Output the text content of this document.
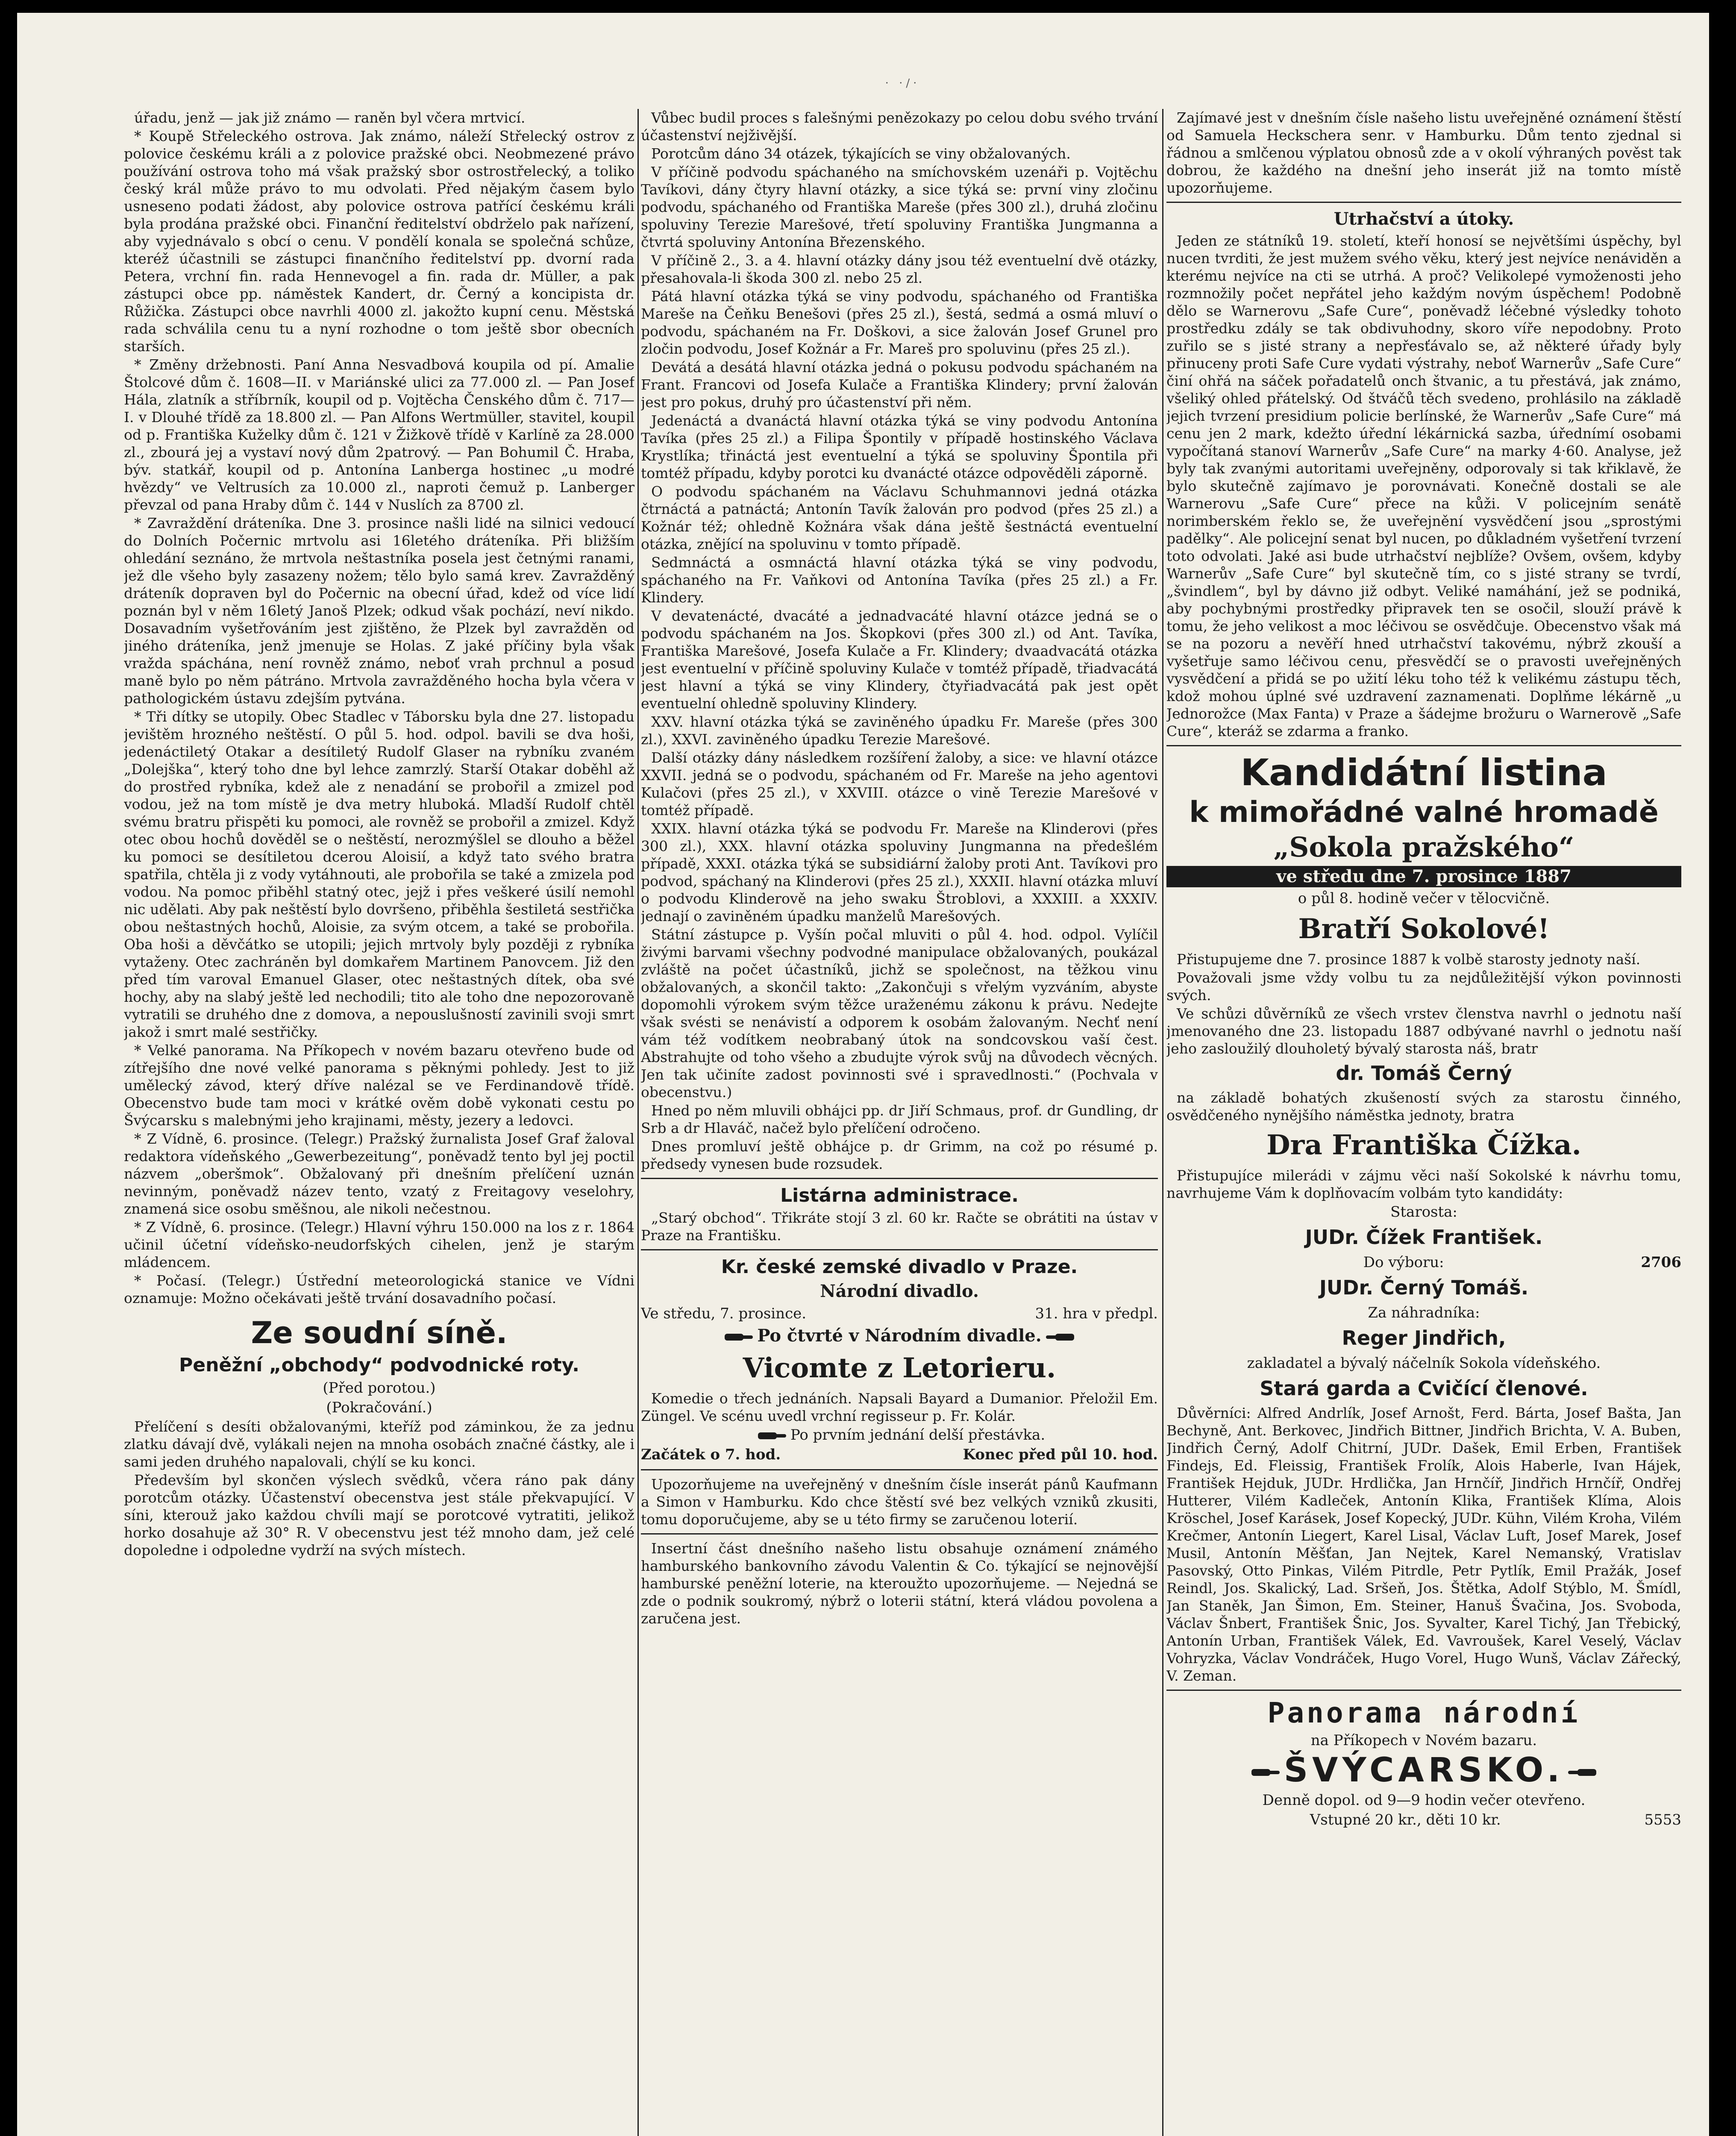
· ·/·

úřadu, jenž — jak již známo — raněn byl včera mrtvicí.

* Koupě Střeleckého ostrova. Jak známo, náleží Střelecký ostrov z polovice českému králi a z polovice pražské obci. Neobmezené právo používání ostrova toho má však pražský sbor ostrostřelecký, a toliko český král může právo to mu odvolati. Před nějakým časem bylo usneseno podati žádost, aby polovice ostrova patřící českému králi byla prodána pražské obci. Finanční ředitelství obdrželo pak nařízení, aby vyjednávalo s obcí o cenu. V pondělí konala se společná schůze, kteréž účastnili se zástupci finančního ředitelství pp. dvorní rada Petera, vrchní fin. rada Hennevogel a fin. rada dr. Müller, a pak zástupci obce pp. náměstek Kandert, dr. Černý a koncipista dr. Růžička. Zástupci obce navrhli 4000 zl. jakožto kupní cenu. Městská rada schválila cenu tu a nyní rozhodne o tom ještě sbor obecních starších.

* Změny držebnosti. Paní Anna Nesvadbová koupila od pí. Amalie Štolcové dům č. 1608—II. v Mariánské ulici za 77.000 zl. — Pan Josef Hála, zlatník a stříbrník, koupil od p. Vojtěcha Čenského dům č. 717—I. v Dlouhé třídě za 18.800 zl. — Pan Alfons Wertmüller, stavitel, koupil od p. Františka Kuželky dům č. 121 v Žižkově třídě v Karlíně za 28.000 zl., zbourá jej a vystaví nový dům 2patrový. — Pan Bohumil Č. Hraba, býv. statkář, koupil od p. Antonína Lanberga hostinec „u modré hvězdy“ ve Veltrusích za 10.000 zl., naproti čemuž p. Lanberger převzal od pana Hraby dům č. 144 v Nuslích za 8700 zl.

* Zavraždění dráteníka. Dne 3. prosince našli lidé na silnici vedoucí do Dolních Počernic mrtvolu asi 16letého dráteníka. Při bližším ohledání seznáno, že mrtvola neštastníka posela jest četnými ranami, jež dle všeho byly zasazeny nožem; tělo bylo samá krev. Zavražděný dráteník dopraven byl do Počernic na obecní úřad, kdež od více lidí poznán byl v něm 16letý Janoš Plzek; odkud však pochází, neví nikdo. Dosavadním vyšetřováním jest zjištěno, že Plzek byl zavražděn od jiného dráteníka, jenž jmenuje se Holas. Z jaké příčiny byla však vražda spáchána, není rovněž známo, neboť vrah prchnul a posud maně bylo po něm pátráno. Mrtvola zavražděného hocha byla včera v pathologickém ústavu zdejším pytvána.

* Tři dítky se utopily. Obec Stadlec v Táborsku byla dne 27. listopadu jevištěm hrozného neštěstí. O půl 5. hod. odpol. bavili se dva hoši, jedenáctiletý Otakar a desítiletý Rudolf Glaser na rybníku zvaném „Dolejška“, který toho dne byl lehce zamrzlý. Starší Otakar doběhl až do prostřed rybníka, kdež ale z nenadání se probořil a zmizel pod vodou, jež na tom místě je dva metry hluboká. Mladší Rudolf chtěl svému bratru přispěti ku pomoci, ale rovněž se probořil a zmizel. Když otec obou hochů dověděl se o neštěstí, nerozmýšlel se dlouho a běžel ku pomoci se desítiletou dcerou Aloisií, a když tato svého bratra spatřila, chtěla ji z vody vytáhnouti, ale probořila se také a zmizela pod vodou. Na pomoc přiběhl statný otec, jejž i přes veškeré úsilí nemohl nic udělati. Aby pak neštěstí bylo dovršeno, přiběhla šestiletá sestřička obou neštastných hochů, Aloisie, za svým otcem, a také se probořila. Oba hoši a děvčátko se utopili; jejich mrtvoly byly později z rybníka vytaženy. Otec zachráněn byl domkařem Martinem Panovcem. Již den před tím varoval Emanuel Glaser, otec neštastných dítek, oba své hochy, aby na slabý ještě led nechodili; tito ale toho dne nepozorovaně vytratili se druhého dne z domova, a nepouslušností zavinili svoji smrt jakož i smrt malé sestřičky.

* Velké panorama. Na Příkopech v novém bazaru otevřeno bude od zítřejšího dne nové velké panorama s pěknými pohledy. Jest to již umělecký závod, který dříve nalézal se ve Ferdinandově třídě. Obecenstvo bude tam moci v krátké ověm době vykonati cestu po Švýcarsku s malebnými jeho krajinami, městy, jezery a ledovci.

* Z Vídně, 6. prosince. (Telegr.) Pražský žurnalista Josef Graf žaloval redaktora vídeňského „Gewerbezeitung“, poněvadž tento byl jej poctil názvem „oberšmok“. Obžalovaný při dnešním přelíčení uznán nevinným, poněvadž název tento, vzatý z Freitagovy veselohry, znamená sice osobu směšnou, ale nikoli nečestnou.

* Z Vídně, 6. prosince. (Telegr.) Hlavní výhru 150.000 na los z r. 1864 učinil účetní vídeňsko-neudorfských cihelen, jenž je starým mládencem.

* Počasí. (Telegr.) Ústřední meteorologická stanice ve Vídni oznamuje: Možno očekávati ještě trvání dosavadního počasí.

Ze soudní síně.
Peněžní „obchody“ podvodnické roty.
(Před porotou.)
(Pokračování.)

Přelíčení s desíti obžalovanými, kteříž pod záminkou, že za jednu zlatku dávají dvě, vylákali nejen na mnoha osobách značné částky, ale i sami jeden druhého napalovali, chýlí se ku konci.

Především byl skončen výslech svědků, včera ráno pak dány porotcům otázky. Účastenství obecenstva jest stále překvapující. V síni, kterouž jako každou chvíli mají se porotcové vytratiti, jelikož horko dosahuje až 30° R. V obecenstvu jest též mnoho dam, jež celé dopoledne i odpoledne vydrží na svých místech.

Vůbec budil proces s falešnými penězokazy po celou dobu svého trvání účastenství nejživější.

Porotcům dáno 34 otázek, týkajících se viny obžalovaných.

V příčině podvodu spáchaného na smíchovském uzenáři p. Vojtěchu Tavíkovi, dány čtyry hlavní otázky, a sice týká se: první viny zločinu podvodu, spáchaného od Františka Mareše (přes 300 zl.), druhá zločinu spoluviny Terezie Marešové, třetí spoluviny Františka Jungmanna a čtvrtá spoluviny Antonína Březenského.

V příčině 2., 3. a 4. hlavní otázky dány jsou též eventuelní dvě otázky, přesahovala-li škoda 300 zl. nebo 25 zl.

Pátá hlavní otázka týká se viny podvodu, spáchaného od Františka Mareše na Čeňku Benešovi (přes 25 zl.), šestá, sedmá a osmá mluví o podvodu, spáchaném na Fr. Doškovi, a sice žalován Josef Grunel pro zločin podvodu, Josef Kožnár a Fr. Mareš pro spoluvinu (přes 25 zl.).

Devátá a desátá hlavní otázka jedná o pokusu podvodu spáchaném na Frant. Francovi od Josefa Kulače a Františka Klindery; první žalován jest pro pokus, druhý pro účastenství při něm.

Jedenáctá a dvanáctá hlavní otázka týká se viny podvodu Antonína Tavíka (přes 25 zl.) a Filipa Špontily v případě hostinského Václava Krystlíka; třináctá jest eventuelní a týká se spoluviny Špontila při tomtéž případu, kdyby porotci ku dvanácté otázce odpověděli záporně.

O podvodu spáchaném na Václavu Schuhmannovi jedná otázka čtrnáctá a patnáctá; Antonín Tavík žalován pro podvod (přes 25 zl.) a Kožnár též; ohledně Kožnára však dána ještě šestnáctá eventuelní otázka, znějící na spoluvinu v tomto případě.

Sedmnáctá a osmnáctá hlavní otázka týká se viny podvodu, spáchaného na Fr. Vaňkovi od Antonína Tavíka (přes 25 zl.) a Fr. Klindery.

V devatenácté, dvacáté a jednadvacáté hlavní otázce jedná se o podvodu spáchaném na Jos. Škopkovi (přes 300 zl.) od Ant. Tavíka, Františka Marešové, Josefa Kulače a Fr. Klindery; dvaadvacátá otázka jest eventuelní v příčině spoluviny Kulače v tomtéž případě, třiadvacátá jest hlavní a týká se viny Klindery, čtyřiadvacátá pak jest opět eventuelní ohledně spoluviny Klindery.

XXV. hlavní otázka týká se zaviněného úpadku Fr. Mareše (přes 300 zl.), XXVI. zaviněného úpadku Terezie Marešové.

Další otázky dány následkem rozšíření žaloby, a sice: ve hlavní otázce XXVII. jedná se o podvodu, spáchaném od Fr. Mareše na jeho agentovi Kulačovi (přes 25 zl.), v XXVIII. otázce o vině Terezie Marešové v tomtéž případě.

XXIX. hlavní otázka týká se podvodu Fr. Mareše na Klinderovi (přes 300 zl.), XXX. hlavní otázka spoluviny Jungmanna na předešlém případě, XXXI. otázka týká se subsidiární žaloby proti Ant. Tavíkovi pro podvod, spáchaný na Klinderovi (přes 25 zl.), XXXII. hlavní otázka mluví o podvodu Klinderově na jeho swaku Štroblovi, a XXXIII. a XXXIV. jednají o zaviněném úpadku manželů Marešových.

Státní zástupce p. Vyšín počal mluviti o půl 4. hod. odpol. Vylíčil živými barvami všechny podvodné manipulace obžalovaných, poukázal zvláště na počet účastníků, jichž se společnost, na těžkou vinu obžalovaných, a skončil takto: „Zakončuji s vřelým vyzváním, abyste dopomohli výrokem svým těžce uraženému zákonu k právu. Nedejte však svésti se nenávistí a odporem k osobám žalovaným. Nechť není vám též vodítkem neobrabaný útok na sondcovskou vaší čest. Abstrahujte od toho všeho a zbudujte výrok svůj na důvodech věcných. Jen tak učiníte zadost povinnosti své i spravedlnosti.“ (Pochvala v obecenstvu.)

Hned po něm mluvili obhájci pp. dr Jiří Schmaus, prof. dr Gundling, dr Srb a dr Hlaváč, načež bylo přelíčení odročeno.

Dnes promluví ještě obhájce p. dr Grimm, na což po résumé p. předsedy vynesen bude rozsudek.

Listárna administrace.

„Starý obchod“. Třikráte stojí 3 zl. 60 kr. Račte se obrátiti na ústav v Praze na Františku.

Kr. české zemské divadlo v Praze.
Národní divadlo.
Ve středu, 7. prosince.	31. hra v předpl.
Po čtvrté v Národním divadle.
Vicomte z Letorieru.

Komedie o třech jednáních. Napsali Bayard a Dumanior. Přeložil Em. Züngel. Ve scénu uvedl vrchní regisseur p. Fr. Kolár.

Po prvním jednání delší přestávka.
Začátek o 7. hod.	Konec před půl 10. hod.

Upozorňujeme na uveřejněný v dnešním čísle inserát pánů Kaufmann a Simon v Hamburku. Kdo chce štěstí své bez velkých vzniků zkusiti, tomu doporučujeme, aby se u této firmy se zaručenou loterií.

Insertní část dnešního našeho listu obsahuje oznámení známého hamburského bankovního závodu Valentin & Co. týkající se nejnovější hamburské peněžní loterie, na kteroužto upozorňujeme. — Nejedná se zde o podnik soukromý, nýbrž o loterii státní, která vládou povolena a zaručena jest.

Zajímavé jest v dnešním čísle našeho listu uveřejněné oznámení štěstí od Samuela Heckschera senr. v Hamburku. Dům tento zjednal si řádnou a smlčenou výplatou obnosů zde a v okolí výhraných pověst tak dobrou, že každého na dnešní jeho inserát již na tomto místě upozorňujeme.

Utrhačství a útoky.

Jeden ze státníků 19. století, kteří honosí se největšími úspěchy, byl nucen tvrditi, že jest mužem svého věku, který jest nejvíce nenáviděn a kterému nejvíce na cti se utrhá. A proč? Velikolepé vymoženosti jeho rozmnožily počet nepřátel jeho každým novým úspěchem! Podobně dělo se Warnerovu „Safe Cure“, poněvadž léčebné výsledky tohoto prostředku zdály se tak obdivuhodny, skoro víře nepodobny. Proto zuřilo se s jisté strany a nepřesťávalo se, až některé úřady byly přinuceny proti Safe Cure vydati výstrahy, neboť Warnerův „Safe Cure“ činí ohřá na sáček pořadatelů onch štvanic, a tu přestává, jak známo, všeliký ohled přátelský. Od štváčů těch svedeno, prohlásilo na základě jejich tvrzení presidium policie berlínské, že Warnerův „Safe Cure“ má cenu jen 2 mark, kdežto úřední lékárnická sazba, úřednímí osobami vypočítaná stanoví Warnerův „Safe Cure“ na marky 4·60. Analyse, jež byly tak zvanými autoritami uveřejněny, odporovaly si tak křiklavě, že bylo skutečně zajímavo je porovnávati. Konečně dostali se ale Warnerovu „Safe Cure“ přece na kůži. V policejním senátě norimberském řeklo se, že uveřejnění vysvědčení jsou „sprostými padělky“. Ale policejní senat byl nucen, po důkladném vyšetření tvrzení toto odvolati. Jaké asi bude utrhačství nejblíže? Ovšem, ovšem, kdyby Warnerův „Safe Cure“ byl skutečně tím, co s jisté strany se tvrdí, „švindlem“, byl by dávno již odbyt. Veliké namáhání, jež se podniká, aby pochybnými prostředky připravek ten se osočil, slouží právě k tomu, že jeho velikost a moc léčivou se osvědčuje. Obecenstvo však má se na pozoru a nevěří hned utrhačství takovému, nýbrž zkouší a vyšetřuje samo léčivou cenu, přesvědčí se o pravosti uveřejněných vysvědčení a přidá se po užití léku toho též k velikému zástupu těch, kdož mohou úplné své uzdravení zaznamenati. Doplňme lékárně „u Jednorožce (Max Fanta) v Praze a šádejme brožuru o Warnerově „Safe Cure“, kteráž se zdarma a franko.

Kandidátní listina
k mimořádné valné hromadě
„Sokola pražského“
ve středu dne 7. prosince 1887
o půl 8. hodině večer v tělocvičně.
Bratří Sokolové!

Přistupujeme dne 7. prosince 1887 k volbě starosty jednoty naší.

Považovali jsme vždy volbu tu za nejdůležitější výkon povinnosti svých.

Ve schůzi důvěrníků ze všech vrstev členstva navrhl o jednotu naší jmenovaného dne 23. listopadu 1887 odbývané navrhl o jednotu naší jeho zasloužilý dlouholetý bývalý starosta náš, bratr

dr. Tomáš Černý

na základě bohatých zkušeností svých za starostu činného, osvědčeného nynějšího náměstka jednoty, bratra

Dra Františka Čížka.

Přistupujíce milerádi v zájmu věci naší Sokolské k návrhu tomu, navrhujeme Vám k doplňovacím volbám tyto kandidáty:

Starosta:
JUDr. Čížek František.
Do výboru:	2706
JUDr. Černý Tomáš.
Za náhradníka:
Reger Jindřich,
zakladatel a bývalý náčelník Sokola vídeňského.
Stará garda a Cvičící členové.

Důvěrníci: Alfred Andrlík, Josef Arnošt, Ferd. Bárta, Josef Bašta, Jan Bechyně, Ant. Berkovec, Jindřich Bittner, Jindřich Brichta, V. A. Buben, Jindřich Černý, Adolf Chitrní, JUDr. Dašek, Emil Erben, František Findejs, Ed. Fleissig, František Frolík, Alois Haberle, Ivan Hájek, František Hejduk, JUDr. Hrdlička, Jan Hrnčíř, Jindřich Hrnčíř, Ondřej Hutterer, Vilém Kadleček, Antonín Klika, František Klíma, Alois Kröschel, Josef Karásek, Josef Kopecký, JUDr. Kühn, Vilém Kroha, Vilém Krečmer, Antonín Liegert, Karel Lisal, Václav Luft, Josef Marek, Josef Musil, Antonín Měšťan, Jan Nejtek, Karel Nemanský, Vratislav Pasovský, Otto Pinkas, Vilém Pitrdle, Petr Pytlík, Emil Pražák, Josef Reindl, Jos. Skalický, Lad. Sršeň, Jos. Štětka, Adolf Stýblo, M. Šmídl, Jan Staněk, Jan Šimon, Em. Steiner, Hanuš Švačina, Jos. Svoboda, Václav Šnbert, František Šnic, Jos. Syvalter, Karel Tichý, Jan Třebický, Antonín Urban, František Válek, Ed. Vavroušek, Karel Veselý, Václav Vohryzka, Václav Vondráček, Hugo Vorel, Hugo Wunš, Václav Zářecký, V. Zeman.

Panorama národní
na Příkopech v Novém bazaru.
ŠVÝCARSKO.
Denně dopol. od 9—9 hodin večer otevřeno.
Vstupné 20 kr., děti 10 kr.	5553
